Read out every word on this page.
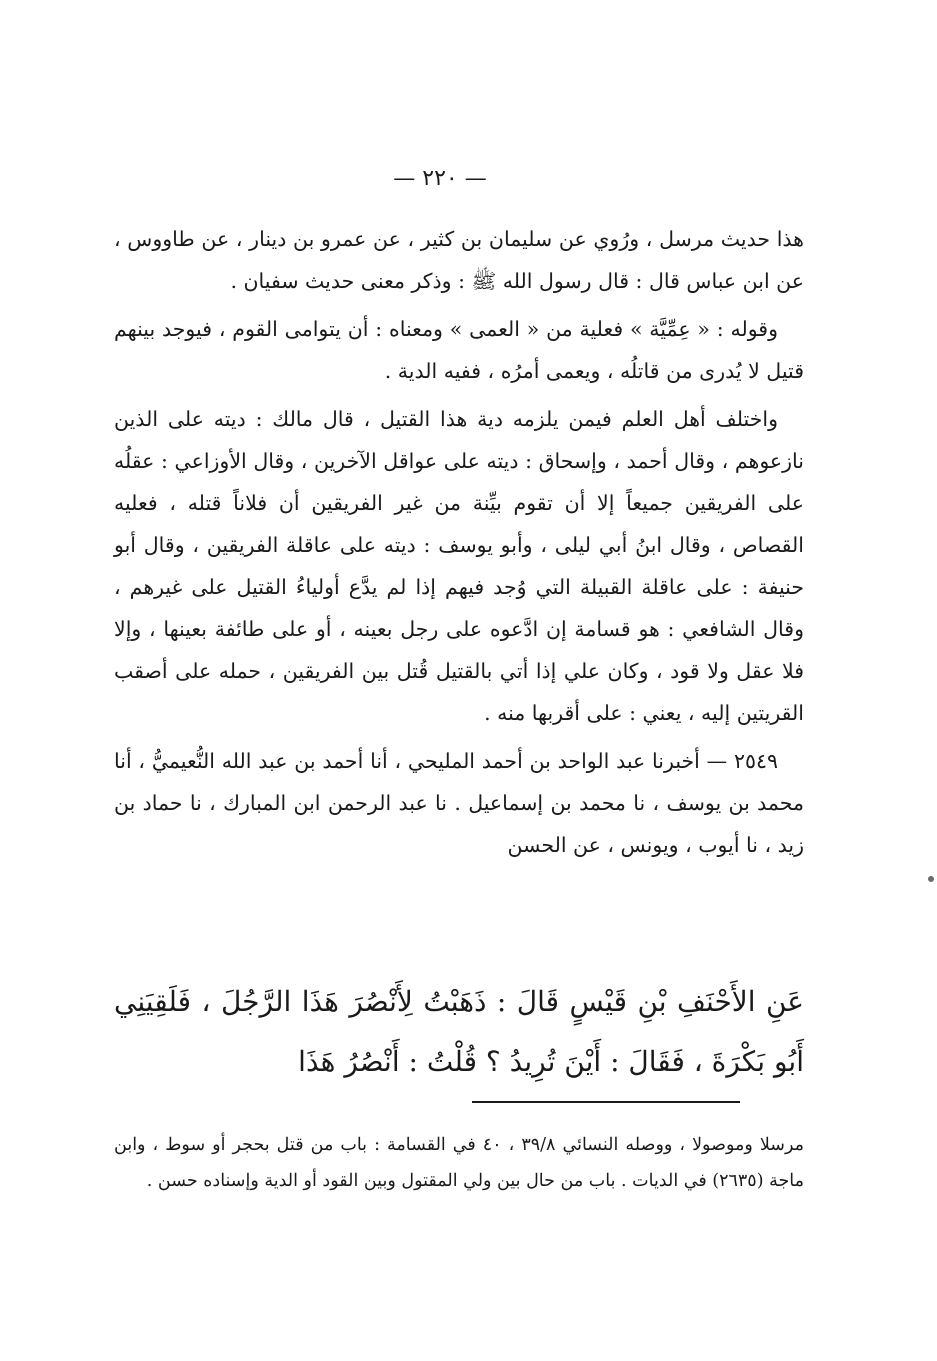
— ٢٢٠ —

هذا حديث مرسل ، ورُوي عن سليمان بن كثير ، عن عمرو بن دينار ، عن طاووس ، عن ابن عباس قال : قال رسول الله ﷺ : وذكر معنى حديث سفيان .

وقوله : « عِمِّيَّة » فعلية من « العمى » ومعناه : أن يتوامى القوم ، فيوجد بينهم قتيل لا يُدرى من قاتلُه ، ويعمى أمرُه ، ففيه الدية .

واختلف أهل العلم فيمن يلزمه دية هذا القتيل ، قال مالك : ديته على الذين نازعوهم ، وقال أحمد ، وإسحاق : ديته على عواقل الآخرين ، وقال الأوزاعي : عقلُه على الفريقين جميعاً إلا أن تقوم بيِّنة من غير الفريقين أن فلاناً قتله ، فعليه القصاص ، وقال ابنُ أبي ليلى ، وأبو يوسف : ديته على عاقلة الفريقين ، وقال أبو حنيفة : على عاقلة القبيلة التي وُجد فيهم إذا لم يدَّع أولياءُ القتيل على غيرهم ، وقال الشافعي : هو قسامة إن ادَّعوه على رجل بعينه ، أو على طائفة بعينها ، وإلا فلا عقل ولا قود ، وكان علي إذا أتي بالقتيل قُتل بين الفريقين ، حمله على أصقب القريتين إليه ، يعني : على أقربها منه .

٢٥٤٩ — أخبرنا عبد الواحد بن أحمد المليحي ، أنا أحمد بن عبد الله النُّعيميُّ ، أنا محمد بن يوسف ، نا محمد بن إسماعيل . نا عبد الرحمن ابن المبارك ، نا حماد بن زيد ، نا أيوب ، ويونس ، عن الحسن

عَنِ الأَحْنَفِ بْنِ قَيْسٍ قَالَ : ذَهَبْتُ لِأَنْصُرَ هَذَا الرَّجُلَ ، فَلَقِيَنِي أَبُو بَكْرَةَ ، فَقَالَ : أَيْنَ تُرِيدُ ؟ قُلْتُ : أَنْصُرُ هَذَا

مرسلا وموصولا ، ووصله النسائي ٣٩/٨ ، ٤٠ في القسامة : باب من قتل بحجر أو سوط ، وابن ماجة (٢٦٣٥) في الديات . باب من حال بين ولي المقتول وبين القود أو الدية وإسناده حسن .
